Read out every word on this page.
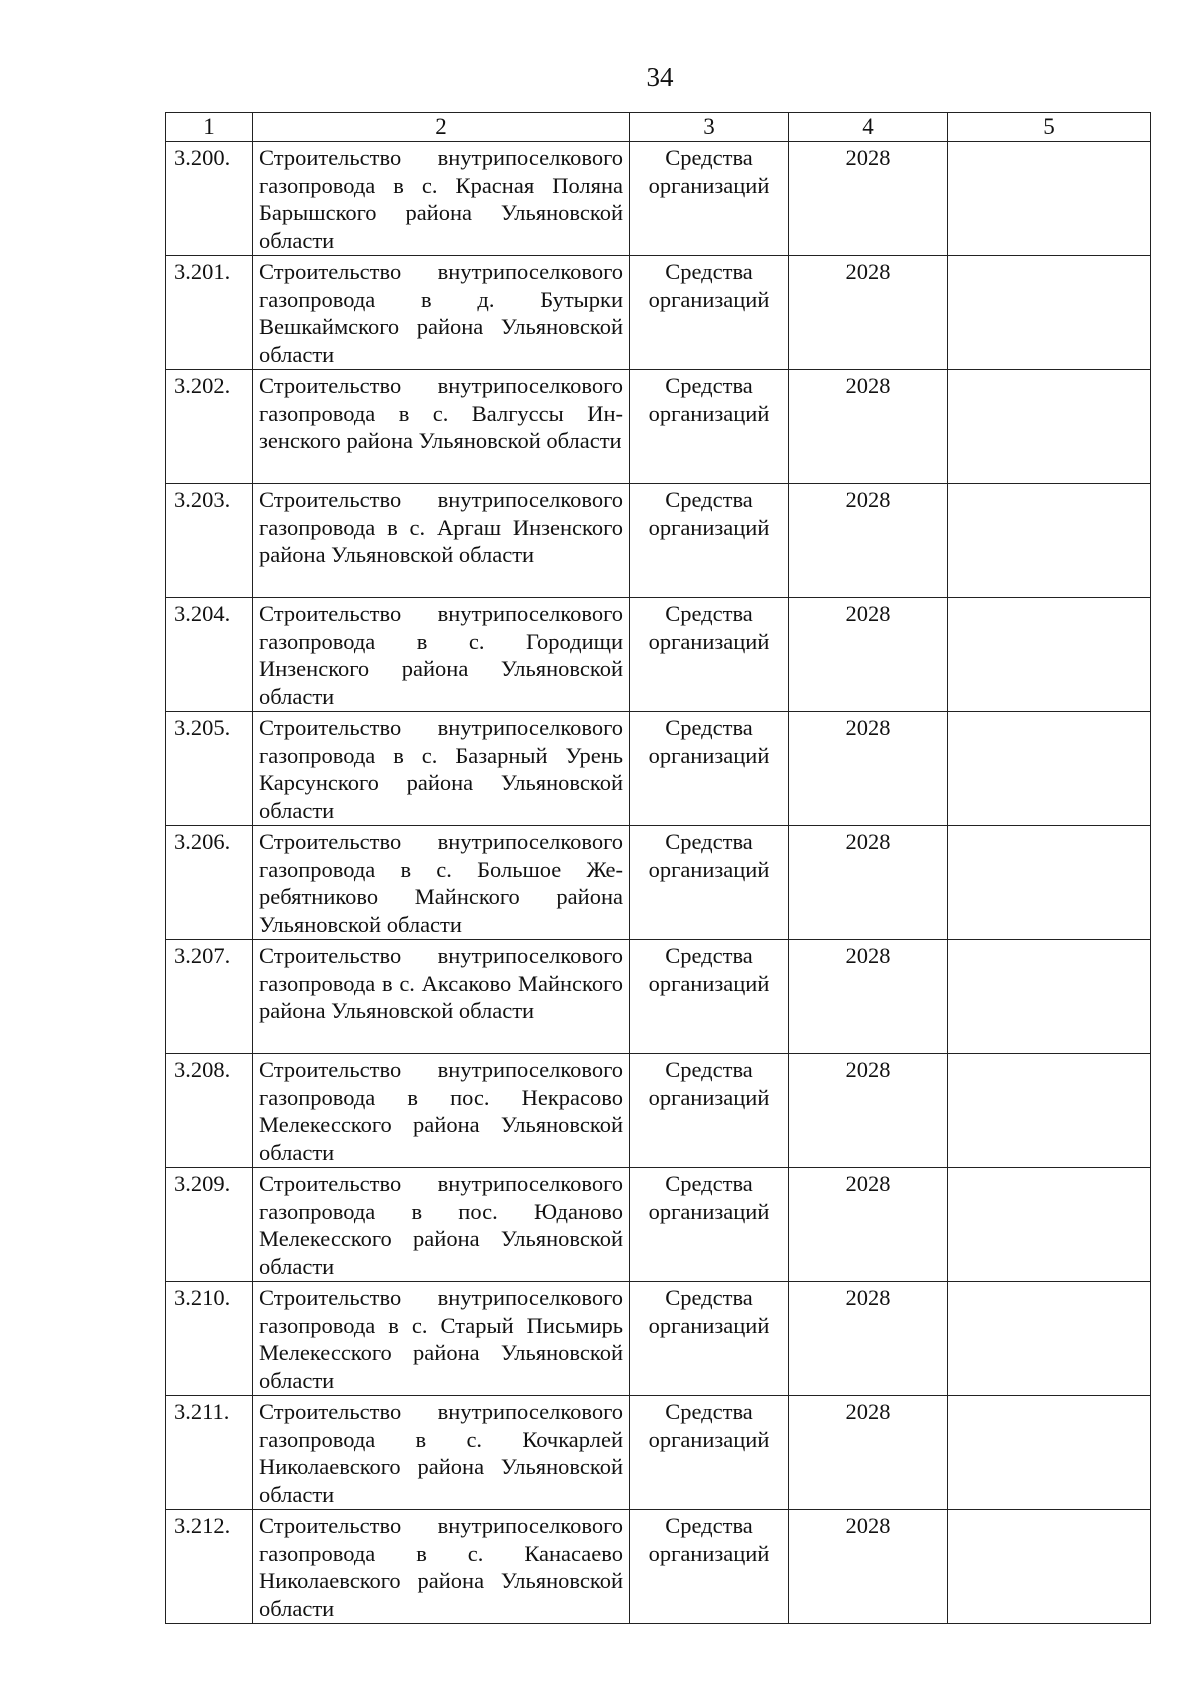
34
1	2	3	4	5
3.200.	Строительство внутрипоселкового газопровода в с. Красная Поляна Барышского района Ульяновской области	Средства организаций	2028	
3.201.	Строительство внутрипоселкового газопровода в д. Бутырки Вешкаймского района Ульяновской области	Средства организаций	2028	
3.202.	Строительство внутрипоселкового газопровода в с. Валгуссы Инзенского района Ульяновской области	Средства организаций	2028	
3.203.	Строительство внутрипоселкового газопровода в с. Аргаш Инзенского района Ульяновской области	Средства организаций	2028	
3.204.	Строительство внутрипоселкового газопровода в с. Городищи Инзенского района Ульяновской области	Средства организаций	2028	
3.205.	Строительство внутрипоселкового газопровода в с. Базарный Урень Карсунского района Ульяновской области	Средства организаций	2028	
3.206.	Строительство внутрипоселкового газопровода в с. Большое Жеребятниково Майнского района Ульяновской области	Средства организаций	2028	
3.207.	Строительство внутрипоселкового газопровода в с. Аксаково Майнского района Ульяновской области	Средства организаций	2028	
3.208.	Строительство внутрипоселкового газопровода в пос. Некрасово Мелекесского района Ульяновской области	Средства организаций	2028	
3.209.	Строительство внутрипоселкового газопровода в пос. Юданово Мелекесского района Ульяновской области	Средства организаций	2028	
3.210.	Строительство внутрипоселкового газопровода в с. Старый Письмирь Мелекесского района Ульяновской области	Средства организаций	2028	
3.211.	Строительство внутрипоселкового газопровода в с. Кочкарлей Николаевского района Ульяновской области	Средства организаций	2028	
3.212.	Строительство внутрипоселкового газопровода в с. Канасаево Николаевского района Ульяновской области	Средства организаций	2028	
